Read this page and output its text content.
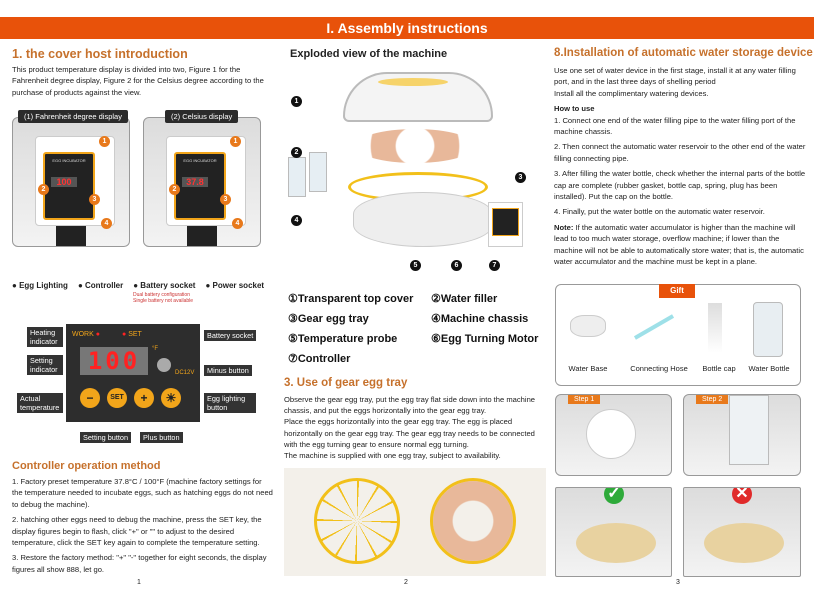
I. Assembly instructions
1. the cover host introduction
This product temperature display is divided into two, Figure 1 for the Fahrenheit degree display, Figure 2 for the Celsius degree according to the purchase of products against the view.
EGG INCUBATOR
100
1
2
3
4
(1) Fahrenheit degree display
EGG INCUBATOR
37.8
1
2
3
4
(2) Celsius display
● Egg Lighting ● Controller ● Battery socket ● Power socket
Dual battery configuration
Single battery not available
WORK ●	● SET
100	°F
DC12V
−	SET	+	☀
Heating indicator
Setting indicator
Actual temperature
Battery socket
Minus button
Egg lighting button
Setting button	Plus button
Controller operation method
1. Factory preset temperature 37.8°C / 100°F (machine factory settings for the temperature needed to incubate eggs, such as hatching eggs do not need to debug the machine).
2. hatching other eggs need to debug the machine, press the SET key, the display figures begin to flash, click "+" or "" to adjust to the desired temperature, click the SET key again to complete the temperature setting.
3. Restore the factory method: "+" "-" together for eight seconds, the display figures all show 888, let go.
1
Exploded view of the machine
1
2
3
4
5	6	7
①Transparent top cover ②Water filler
③Gear egg tray	④Machine chassis
⑤Temperature probe	⑥Egg Turning Motor
⑦Controller
3. Use of gear egg tray
Observe the gear egg tray, put the egg tray flat side down into the machine chassis, and put the eggs horizontally into the gear egg tray.
Place the eggs horizontally into the gear egg tray. The egg is placed horizontally on the gear egg tray. The gear egg tray needs to be connected with the egg turning gear to ensure normal egg turning.
The machine is supplied with one egg tray, subject to availability.
2
8.Installation of automatic water storage device
Use one set of water device in the first stage, install it at any water filling port, and in the last three days of shelling period
Install all the complimentary watering devices.
How to use
1. Connect one end of the water filling pipe to the water filling port of the machine chassis.
2. Then connect the automatic water reservoir to the other end of the water filling connecting pipe.
3. After filling the water bottle, check whether the internal parts of the bottle cap are complete (rubber gasket, bottle cap, spring, plug has been installed). Put the cap on the bottle.
4. Finally, put the water bottle on the automatic water reservoir.
Note: If the automatic water accumulator is higher than the machine will lead to too much water storage, overflow machine; if lower than the machine will not be able to automatically store water; that is, the automatic water accumulator and the machine must be kept in a plane.
Gift
Water Base	Connecting Hose	Bottle cap	Water Bottle
Step 1	Step 2
✓	✕
3
